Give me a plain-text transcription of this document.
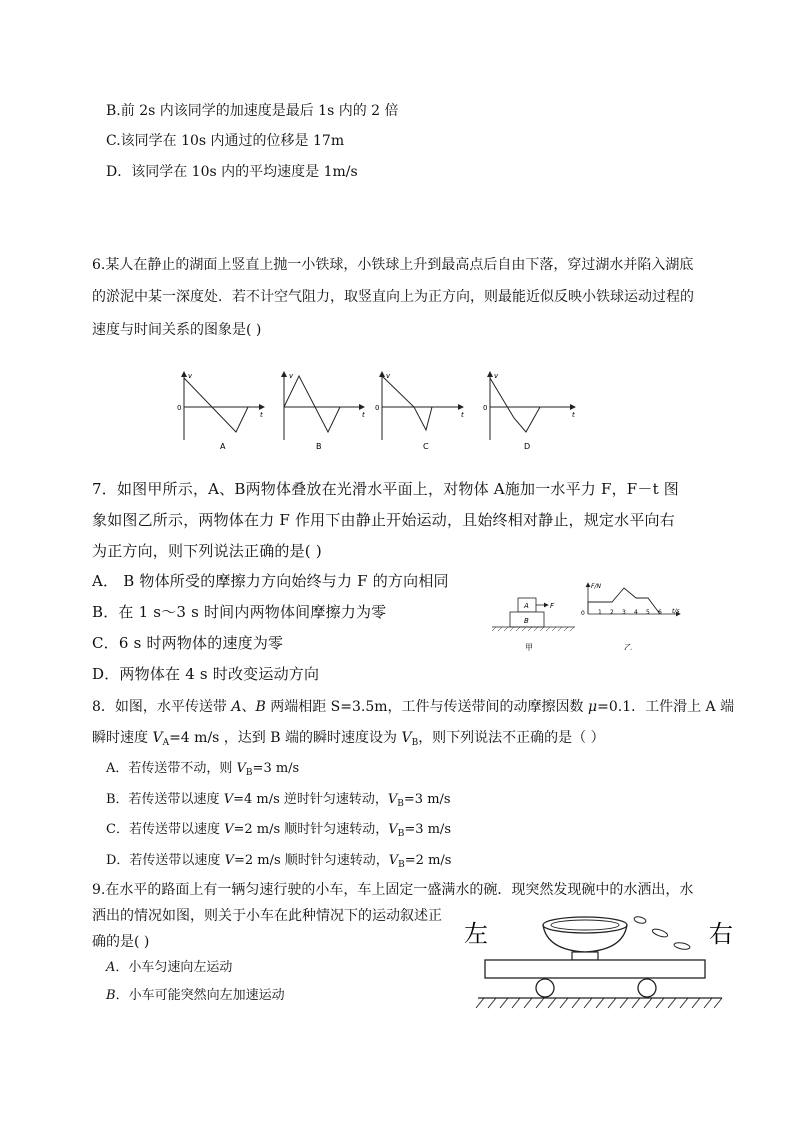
B.前 2s 内该同学的加速度是最后 1s 内的 2 倍
C.该同学在 10s 内通过的位移是 17m
D．该同学在 10s 内的平均速度是 1m/s
6.某人在静止的湖面上竖直上抛一小铁球，小铁球上升到最高点后自由下落，穿过湖水并陷入湖底
的淤泥中某一深度处．若不计空气阻力，取竖直向上为正方向，则最能近似反映小铁球运动过程的
速度与时间关系的图象是( )
v
t
0
A
v
t
B
v
t
0
C
v
t
0
D
7．如图甲所示，A、B两物体叠放在光滑水平面上，对物体 A施加一水平力 F，F－t 图
象如图乙所示，两物体在力 F 作用下由静止开始运动，且始终相对静止，规定水平向右
为正方向，则下列说法正确的是( )
A． B 物体所受的摩擦力方向始终与力 F 的方向相同
B．在 1 s～3 s 时间内两物体间摩擦力为零
C．6 s 时两物体的速度为零
D．两物体在 4 s 时改变运动方向
A
B
F
甲
F/N
t/s
0 1 2 3 4 5 6
乙
8．如图，水平传送带 A、B 两端相距 S=3.5m，工件与传送带间的动摩擦因数 μ=0.1．工件滑上 A 端
瞬时速度 $V_A=4$ m/s ，达到 B 端的瞬时速度设为 $V_B$，则下列说法不正确的是（ ）
A．若传送带不动，则 $V_B=3$ m/s
B．若传送带以速度 V=4 m/s 逆时针匀速转动，$V_B=3$ m/s
C．若传送带以速度 V=2 m/s 顺时针匀速转动，$V_B=3$ m/s
D．若传送带以速度 V=2 m/s 顺时针匀速转动，$V_B=2$ m/s
9.在水平的路面上有一辆匀速行驶的小车，车上固定一盛满水的碗．现突然发现碗中的水洒出，水
洒出的情况如图，则关于小车在此种情况下的运动叙述正
确的是( )
A．小车匀速向左运动
B．小车可能突然向左加速运动
左	右
